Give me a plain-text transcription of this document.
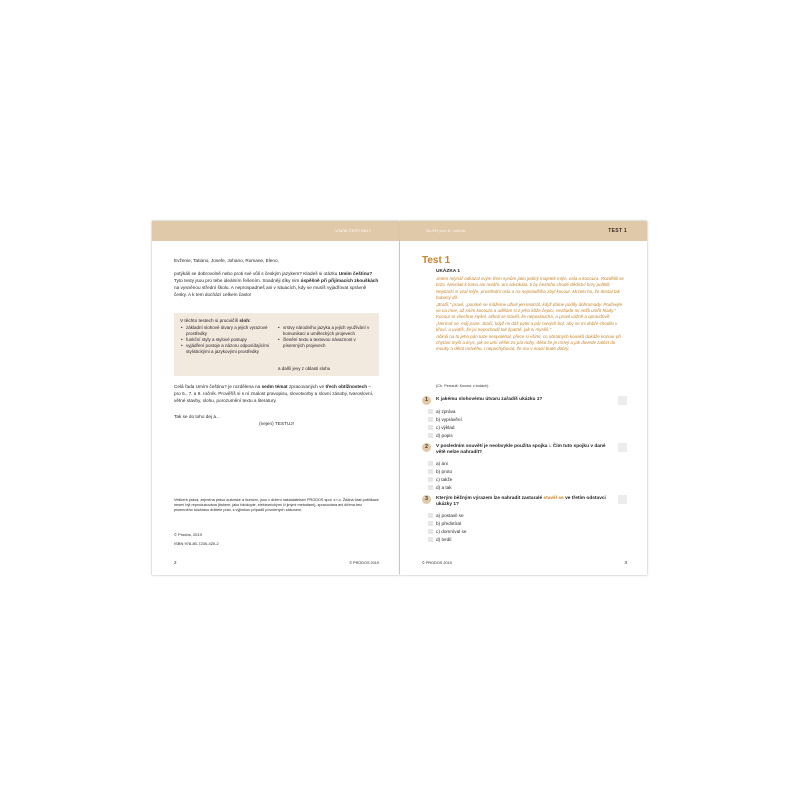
UMÍM ČEŠTINU?

Evženie, Tatiano, Josefe, Johano, Romane, Elenо,

potýkáš se dobrovolně nebo proti své vůli s českým jazykem? Kladeš si otázku Umím češtinu?

Tyto testy jsou pro tebe ideálním řešením. Snadněji díky nim úspěšně při přijímacích zkouškách na vysněnou střední školu. A neprospadneš ani v situacích, kdy se musíš vyjadřovat správně česky. A k tem dochází celkem často!

V těchto testech si procvičíš sloh:
• základní slohové útvary a jejich vyrazové prostředky
• funkční styly a stylové postupy
• vyjádření postoje a názoru odpovídajícími stylistickými a jazykovými prostředky
• vrstvy národního jazyka a jejich využívání v komunikaci a uměleckých projevech
• členění textu a textovou návaznost v písemných projevech
a další jevy z oblasti slohu

Celá řada Umím češtinu? je rozdělena na sedm témat zpracovaných ve třech obtížnostech – pro 5., 7. a 9. ročník. Prověříš si s ní znalost pravopisu, slovotvorby a slovní zásoby, tvaroslovní, větné stavby, slohu, porozumění textu a literatury.

Tak se do toho dej a...
(nejen) TESTUJ!
Veškerá práva, zejména právo autorské a licenční, jsou v držení nakladatelství PRODOS spol. s r.o. Žádná část publikace nesmí být reprodukována (tiskem, jako fotokopie, elektronickými či jinými metodami), zpracována ani šířena bez písemného souhlasu držitele práv, s výjimkou případů povolených zákonem.
© Prodos, 2019
ISBN 978-80-7230-420-2
2	© PRODOS 2019
SLOH pro 5. ročník	TEST 1
Test 1
UKÁZKA 1

Jeden mlynář odkázal svým třem synům jako jediný majetek mlýn, osla a kocoura. Rozdělili se brzo. Nevolali k tomu ani notáře, ani advokáta, ti by beztoho chudé dědictví brzy pohltili. Nejstarší si vzal mlýn, prostřední osla a na nejmladšího zbyl kocour. Mrzelo ho, že dostal tak hubený díl.

„Bratři," pravil, „pootivé se můžeme uživit jen tenkrát, když dáme podíly dohromady. Podívejte se na mne, až sním kocoura a udělám si z jeho kůže čepici, nezbude mi nežli umřít hlady."

Kocour to všechno slyšel, ačkoli se stavěl, že neposlouchá, a pravil vážně a opravdově: „Nermuť se, můj pane. Stačí, když mi dáš pytel a pár nových bot, aby se mi dobře chodilo v křoví, a uvidíš, že jsi nepochodil tak špatně, jak si myslíš."

Ačkoli na to jeho pán tuze nespoléhal, přece si všiml, co obratných kousků dokáže kocour při chytání myší a krys, jak se umí věšet za pár nohy, dělat že je mrtvý a jak dovede zalézt do mouky a dělat mrtvého, i nepochybovat, že mu v nouzi bude dobrý.

(Ch. Perrault: Kocour v botách)
1	K jakému slohovému útvaru zařadíš ukázku 1?
a) zpráva
b) vyprávění
c) výklad
d) popis
2	V posledním souvětí je neobvykle použita spojka i. Čím tuto spojku v dané větě nelze nahradit?
a) ani
b) proto
c) takže
d) a tak
3	Kterým běžným výrazem lze nahradit zastaralé stavěl se ve třetím odstavci ukázky 1?
a) postavil se
b) předstíral
c) domníval se
d) tvrdil
© PRODOS 2019	3
